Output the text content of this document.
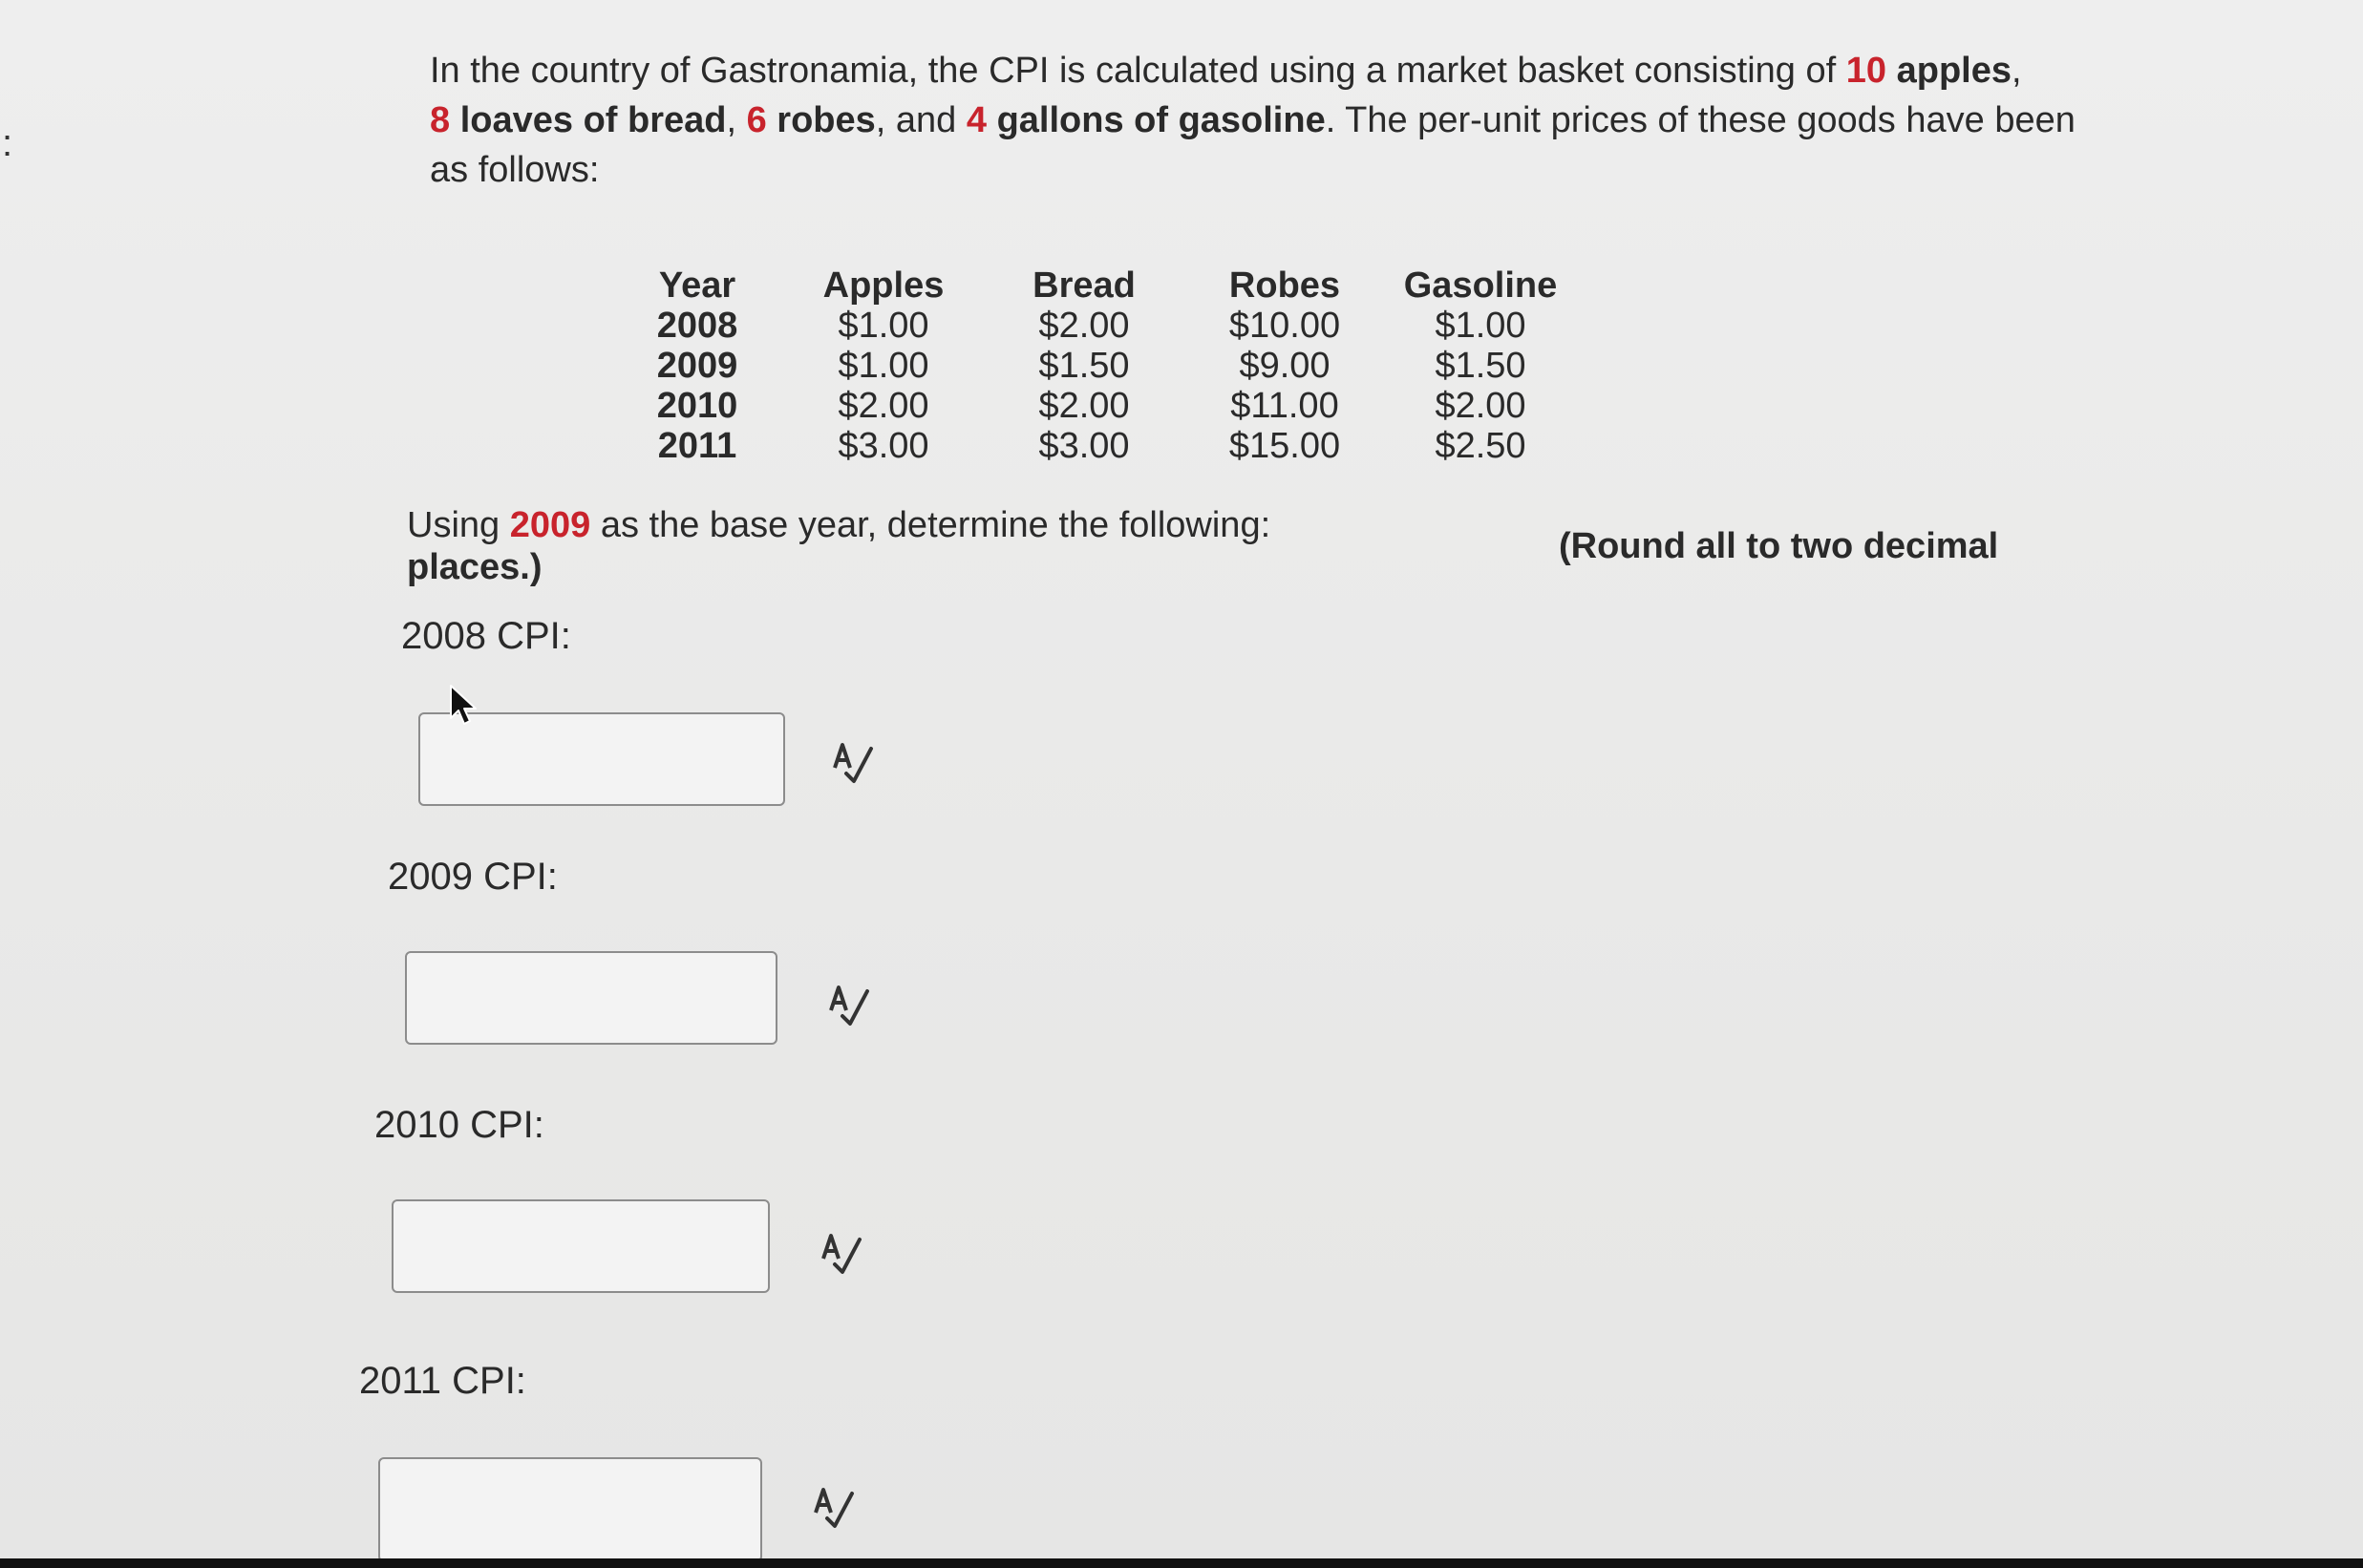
:

In the country of Gastronamia, the CPI is calculated using a market basket consisting of 10 apples,
8 loaves of bread, 6 robes, and 4 gallons of gasoline. The per-unit prices of these goods have been as follows:

Year	Apples	Bread	Robes	Gasoline
2008	$1.00	$2.00	$10.00	$1.00
2009	$1.00	$1.50	$9.00	$1.50
2010	$2.00	$2.00	$11.00	$2.00
2011	$3.00	$3.00	$15.00	$2.50
Using 2009 as the base year, determine the following:
(Round all to two decimal

places.)
2008 CPI:
2009 CPI:
2010 CPI:
2011 CPI:
